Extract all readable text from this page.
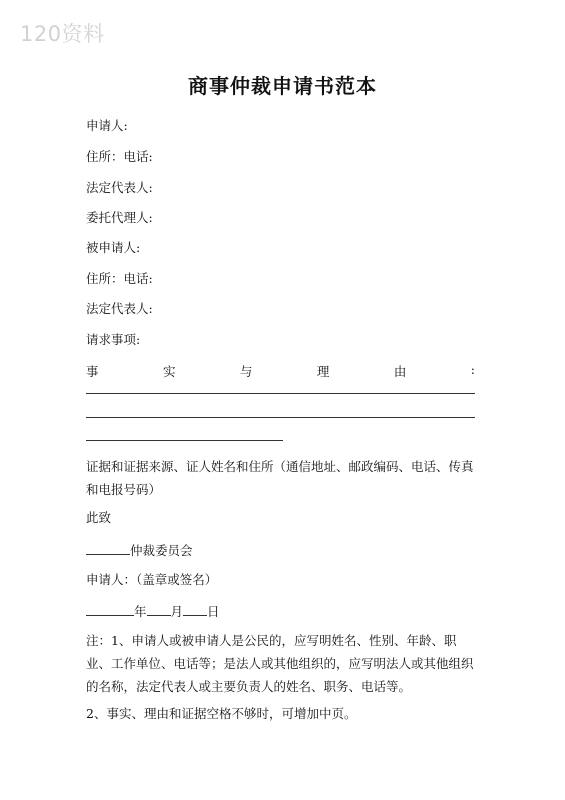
120资料
商事仲裁申请书范本
申请人:
住所：电话:
法定代表人:
委托代理人:
被申请人:
住所：电话:
法定代表人:
请求事项:
事	实	与	理	由	:
证据和证据来源、证人姓名和住所（通信地址、邮政编码、电话、传真和电报号码）
此致
仲裁委员会
申请人：（盖章或签名）
年 月 日
注：1、申请人或被申请人是公民的，应写明姓名、性别、年龄、职业、工作单位、电话等；是法人或其他组织的，应写明法人或其他组织的名称，法定代表人或主要负责人的姓名、职务、电话等。
2、事实、理由和证据空格不够时，可增加中页。
